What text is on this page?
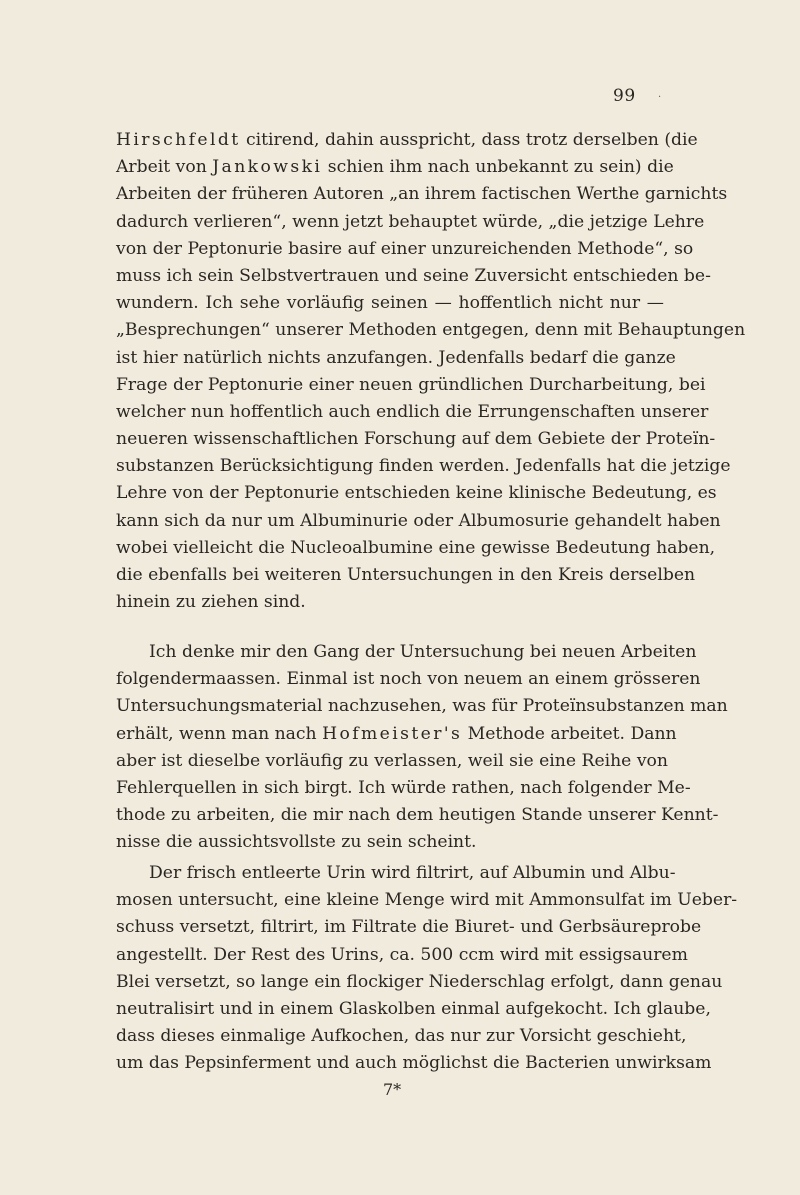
99 ·
Hirschfeldt citirend, dahin ausspricht, dass trotz derselben (die
Arbeit von Jankowski schien ihm nach unbekannt zu sein) die
Arbeiten der früheren Autoren „an ihrem factischen Werthe garnichts
dadurch verlieren“, wenn jetzt behauptet würde, „die jetzige Lehre
von der Peptonurie basire auf einer unzureichenden Methode“, so
muss ich sein Selbstvertrauen und seine Zuversicht entschieden be-
wundern. Ich sehe vorläufig seinen — hoffentlich nicht nur —
„Besprechungen“ unserer Methoden entgegen, denn mit Behauptungen
ist hier natürlich nichts anzufangen. Jedenfalls bedarf die ganze
Frage der Peptonurie einer neuen gründlichen Durcharbeitung, bei
welcher nun hoffentlich auch endlich die Errungenschaften unserer
neueren wissenschaftlichen Forschung auf dem Gebiete der Proteïn-
substanzen Berücksichtigung finden werden. Jedenfalls hat die jetzige
Lehre von der Peptonurie entschieden keine klinische Bedeutung, es
kann sich da nur um Albuminurie oder Albumosurie gehandelt haben
wobei vielleicht die Nucleoalbumine eine gewisse Bedeutung haben,
die ebenfalls bei weiteren Untersuchungen in den Kreis derselben
hinein zu ziehen sind.
Ich denke mir den Gang der Untersuchung bei neuen Arbeiten
folgendermaassen. Einmal ist noch von neuem an einem grösseren
Untersuchungsmaterial nachzusehen, was für Proteïnsubstanzen man
erhält, wenn man nach Hofmeister's Methode arbeitet. Dann
aber ist dieselbe vorläufig zu verlassen, weil sie eine Reihe von
Fehlerquellen in sich birgt. Ich würde rathen, nach folgender Me-
thode zu arbeiten, die mir nach dem heutigen Stande unserer Kennt-
nisse die aussichtsvollste zu sein scheint.
Der frisch entleerte Urin wird filtrirt, auf Albumin und Albu-
mosen untersucht, eine kleine Menge wird mit Ammonsulfat im Ueber-
schuss versetzt, filtrirt, im Filtrate die Biuret- und Gerbsäureprobe
angestellt. Der Rest des Urins, ca. 500 ccm wird mit essigsaurem
Blei versetzt, so lange ein flockiger Niederschlag erfolgt, dann genau
neutralisirt und in einem Glaskolben einmal aufgekocht. Ich glaube,
dass dieses einmalige Aufkochen, das nur zur Vorsicht geschieht,
um das Pepsinferment und auch möglichst die Bacterien unwirksam
7*
